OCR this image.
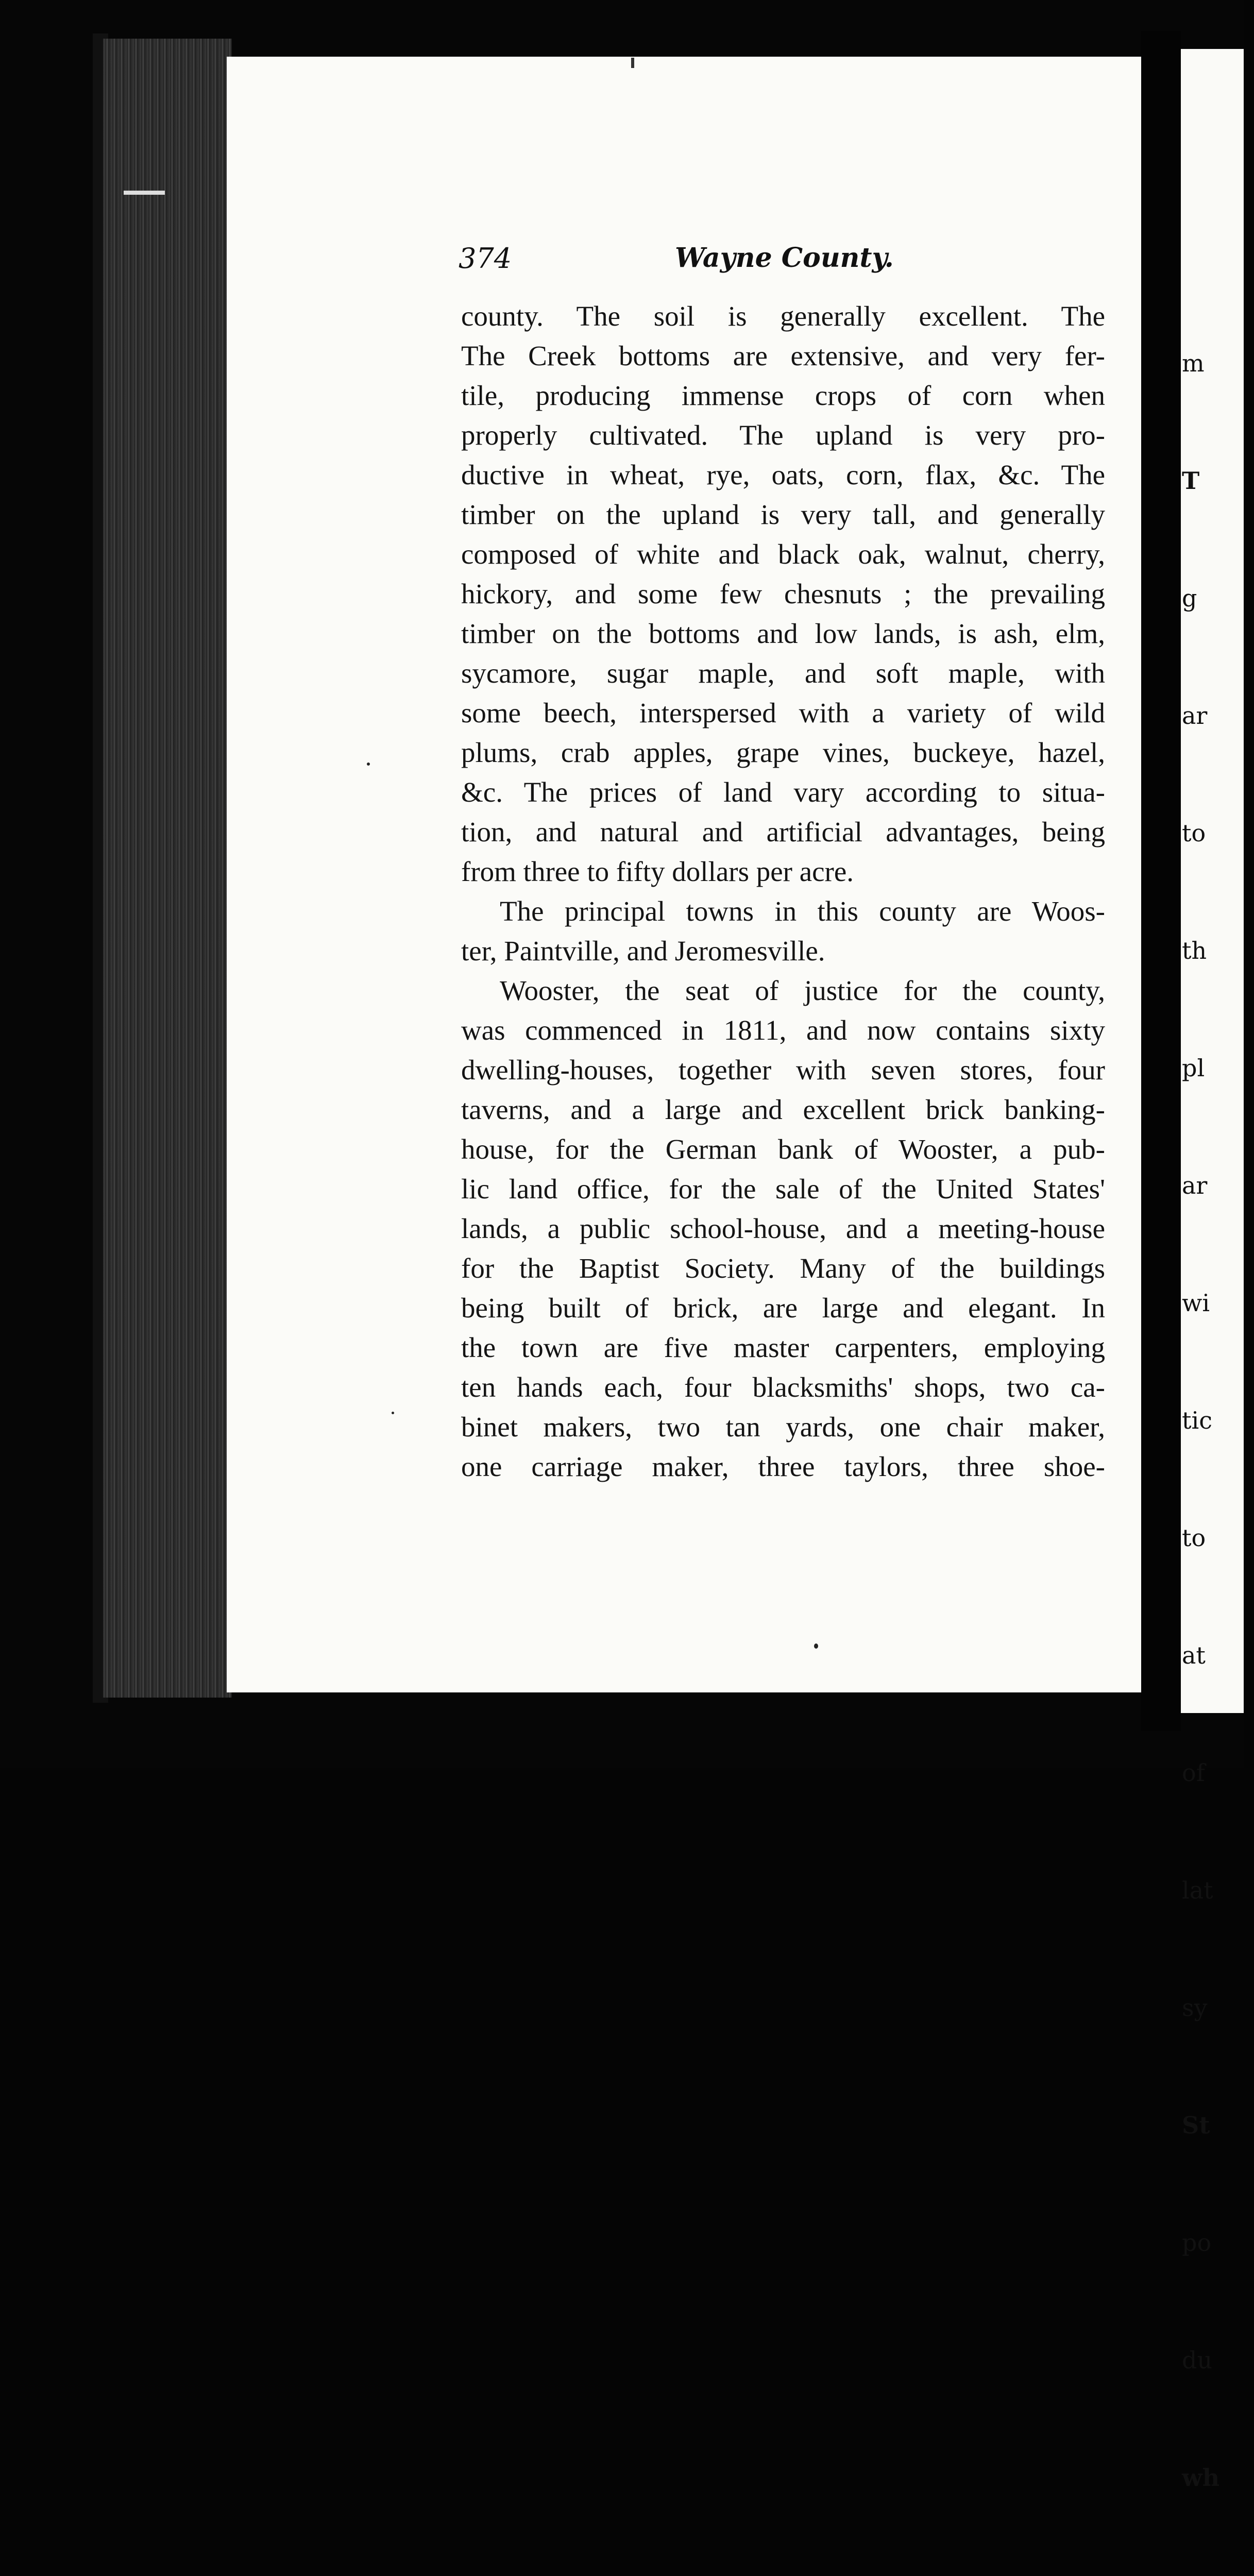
m

T

g

ar

to

th

pl

ar

wi

tic

to

at

of

lat

sy

St

po

du

wh

374	Wayne County.
county. The soil is generally excellent. The
The Creek bottoms are extensive, and very fer-
tile, producing immense crops of corn when
properly cultivated. The upland is very pro-
ductive in wheat, rye, oats, corn, flax, &c. The
timber on the upland is very tall, and generally
composed of white and black oak, walnut, cherry,
hickory, and some few chesnuts ; the prevailing
timber on the bottoms and low lands, is ash, elm,
sycamore, sugar maple, and soft maple, with
some beech, interspersed with a variety of wild
plums, crab apples, grape vines, buckeye, hazel,
&c. The prices of land vary according to situa-
tion, and natural and artificial advantages, being
from three to fifty dollars per acre.
The principal towns in this county are Woos-
ter, Paintville, and Jeromesville.
Wooster, the seat of justice for the county,
was commenced in 1811, and now contains sixty
dwelling-houses, together with seven stores, four
taverns, and a large and excellent brick banking-
house, for the German bank of Wooster, a pub-
lic land office, for the sale of the United States'
lands, a public school-house, and a meeting-house
for the Baptist Society. Many of the buildings
being built of brick, are large and elegant. In
the town are five master carpenters, employing
ten hands each, four blacksmiths' shops, two ca-
binet makers, two tan yards, one chair maker,
one carriage maker, three taylors, three shoe-
